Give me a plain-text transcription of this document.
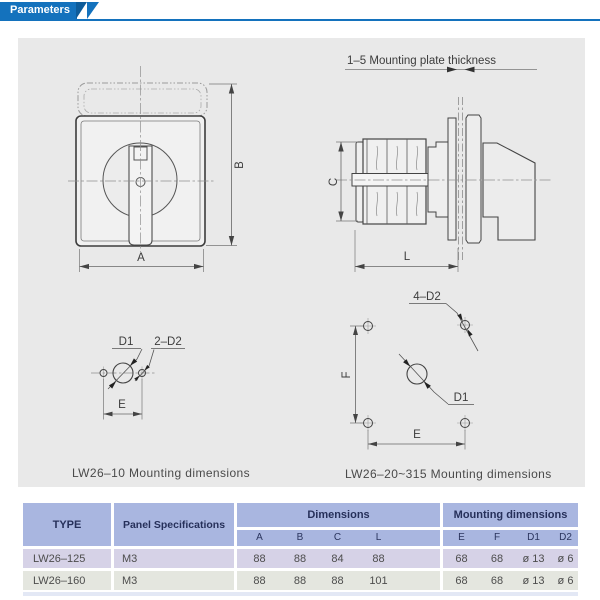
Parameters
B
A
C
L
1–5 Mounting plate thickness
D1 2–D2
E
LW26–10 Mounting dimensions
D1
4–D2
F
E
LW26–20~315 Mounting dimensions
TYPE	Panel Specifications
Dimensions	Mounting dimensions
A	B	C	L	E	F	D1	D2
LW26–125	M3	88	88	84	88	68	68	ø 13	ø 6
LW26–160	M3	88	88	88	101	68	68	ø 13	ø 6
